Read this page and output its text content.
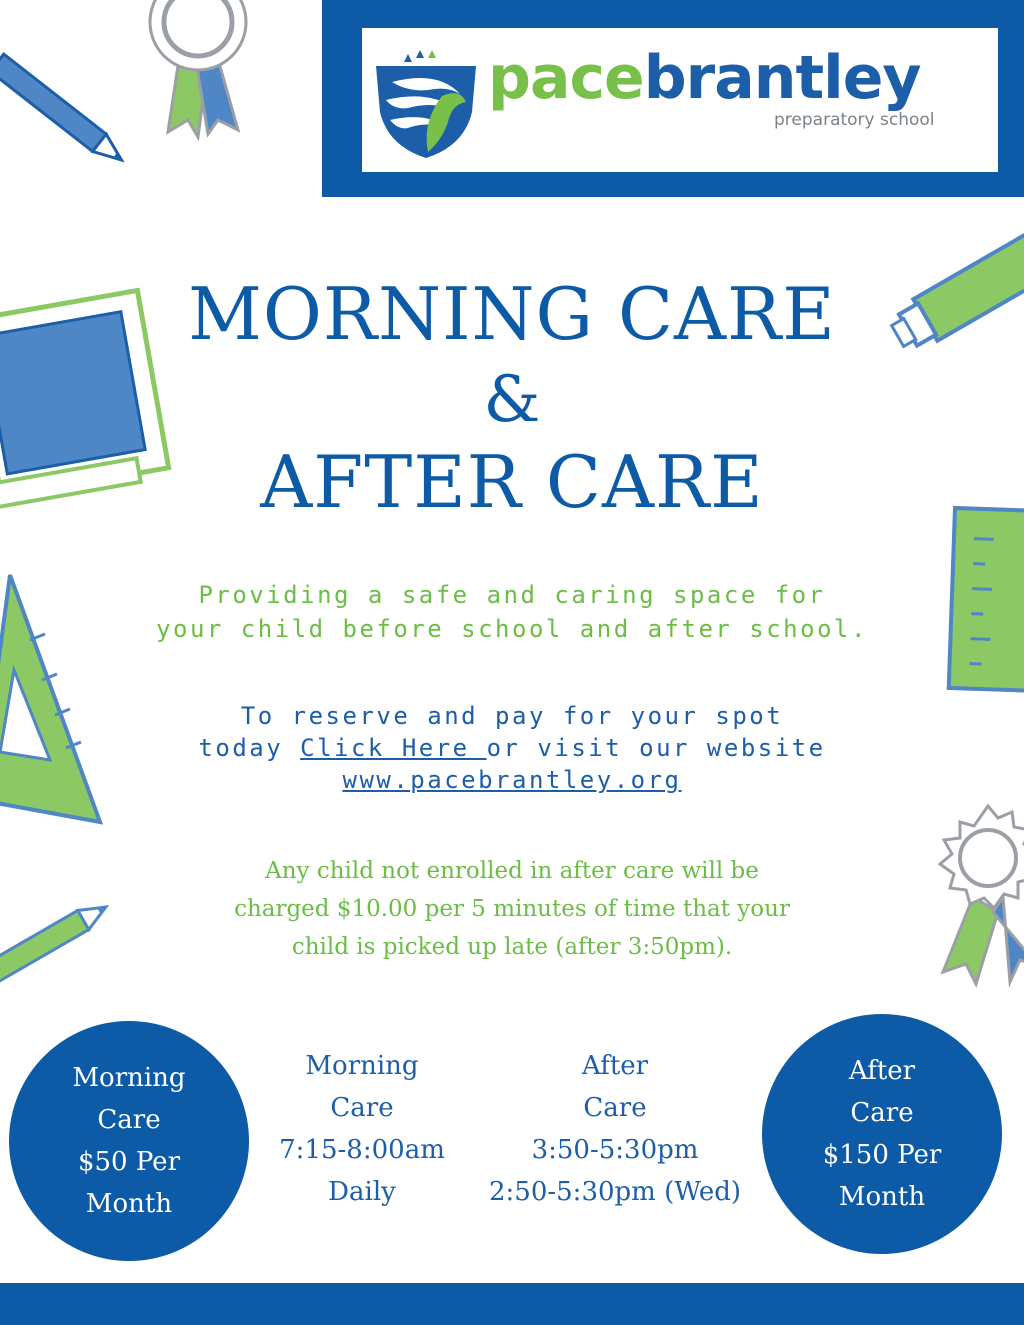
pacebrantley
preparatory school
MORNING CARE
&
AFTER CARE
Providing a safe and caring space for
your child before school and after school.
To reserve and pay for your spot
today Click Here or visit our website
www.pacebrantley.org
Any child not enrolled in after care will be
charged $10.00 per 5 minutes of time that your
child is picked up late (after 3:50pm).
Morning
Care
$50 Per
Month
Morning
Care
7:15-8:00am
Daily
After
Care
3:50-5:30pm
2:50-5:30pm (Wed)
After
Care
$150 Per
Month
